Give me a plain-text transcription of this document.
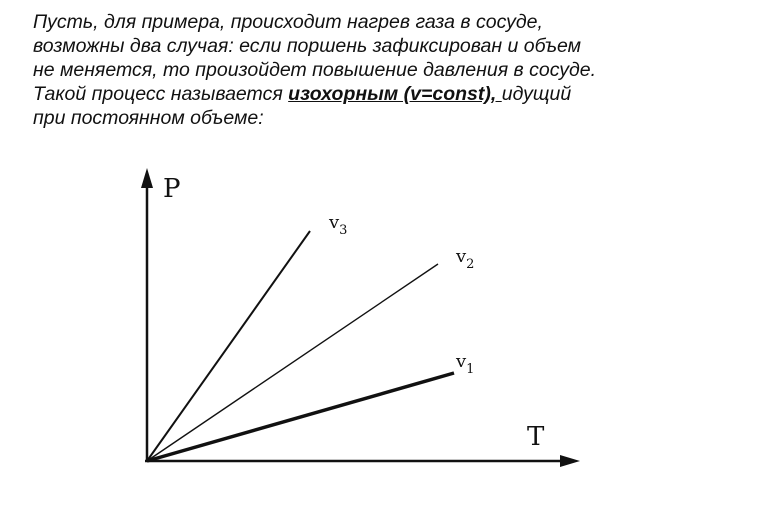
Пусть, для примера, происходит нагрев газа в сосуде,

возможны два случая: если поршень зафиксирован и объем

не меняется, то произойдет повышение давления в сосуде.

Такой процесс называется изохорным (v=const), идущий

при постоянном объеме:

P
T
$v_3$
$v_2$
$v_1$
